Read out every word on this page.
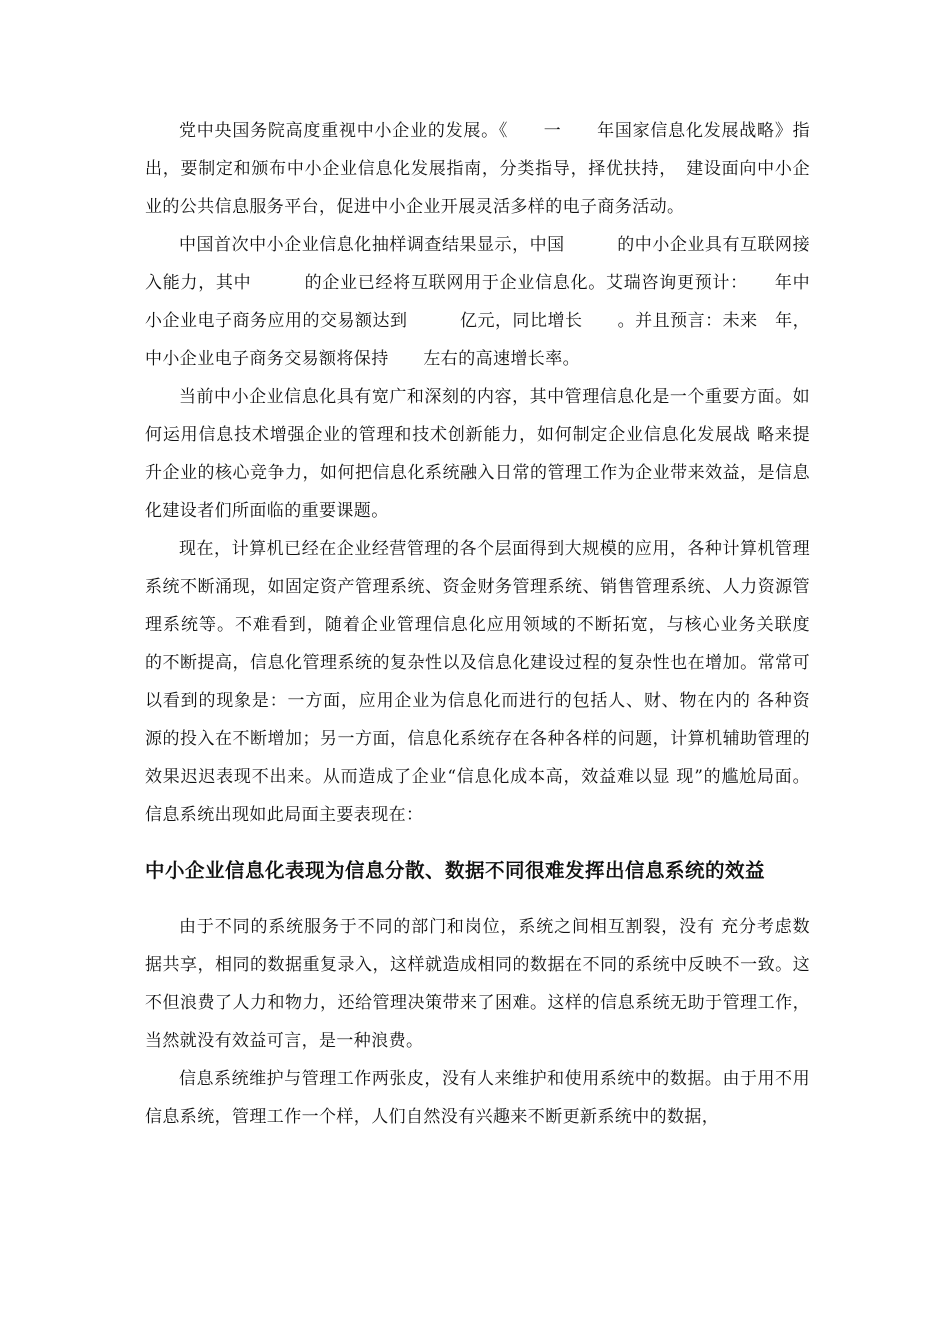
党中央国务院高度重视中小企业的发展。《　　一　　年国家信息化发展战略》指出，要制定和颁布中小企业信息化发展指南，分类指导，择优扶持，　建设面向中小企业的公共信息服务平台，促进中小企业开展灵活多样的电子商务活动。

中国首次中小企业信息化抽样调查结果显示，中国　　　的中小企业具有互联网接入能力，其中　　　的企业已经将互联网用于企业信息化。艾瑞咨询更预计：　　年中小企业电子商务应用的交易额达到　　　亿元，同比增长　　。并且预言：未来　年，中小企业电子商务交易额将保持　　左右的高速增长率。

当前中小企业信息化具有宽广和深刻的内容，其中管理信息化是一个重要方面。如何运用信息技术增强企业的管理和技术创新能力，如何制定企业信息化发展战 略来提升企业的核心竞争力，如何把信息化系统融入日常的管理工作为企业带来效益，是信息化建设者们所面临的重要课题。

现在，计算机已经在企业经营管理的各个层面得到大规模的应用，各种计算机管理系统不断涌现，如固定资产管理系统、资金财务管理系统、销售管理系统、人力资源管理系统等。不难看到，随着企业管理信息化应用领域的不断拓宽，与核心业务关联度 的不断提高，信息化管理系统的复杂性以及信息化建设过程的复杂性也在增加。常常可以看到的现象是：一方面，应用企业为信息化而进行的包括人、财、物在内的 各种资源的投入在不断增加；另一方面，信息化系统存在各种各样的问题，计算机辅助管理的效果迟迟表现不出来。从而造成了企业“信息化成本高，效益难以显 现”的尴尬局面。信息系统出现如此局面主要表现在：

中小企业信息化表现为信息分散、数据不同很难发挥出信息系统的效益

由于不同的系统服务于不同的部门和岗位，系统之间相互割裂，没有 充分考虑数据共享，相同的数据重复录入，这样就造成相同的数据在不同的系统中反映不一致。这不但浪费了人力和物力，还给管理决策带来了困难。这样的信息系统无助于管理工作，当然就没有效益可言，是一种浪费。

信息系统维护与管理工作两张皮，没有人来维护和使用系统中的数据。由于用不用信息系统，管理工作一个样，人们自然没有兴趣来不断更新系统中的数据，
